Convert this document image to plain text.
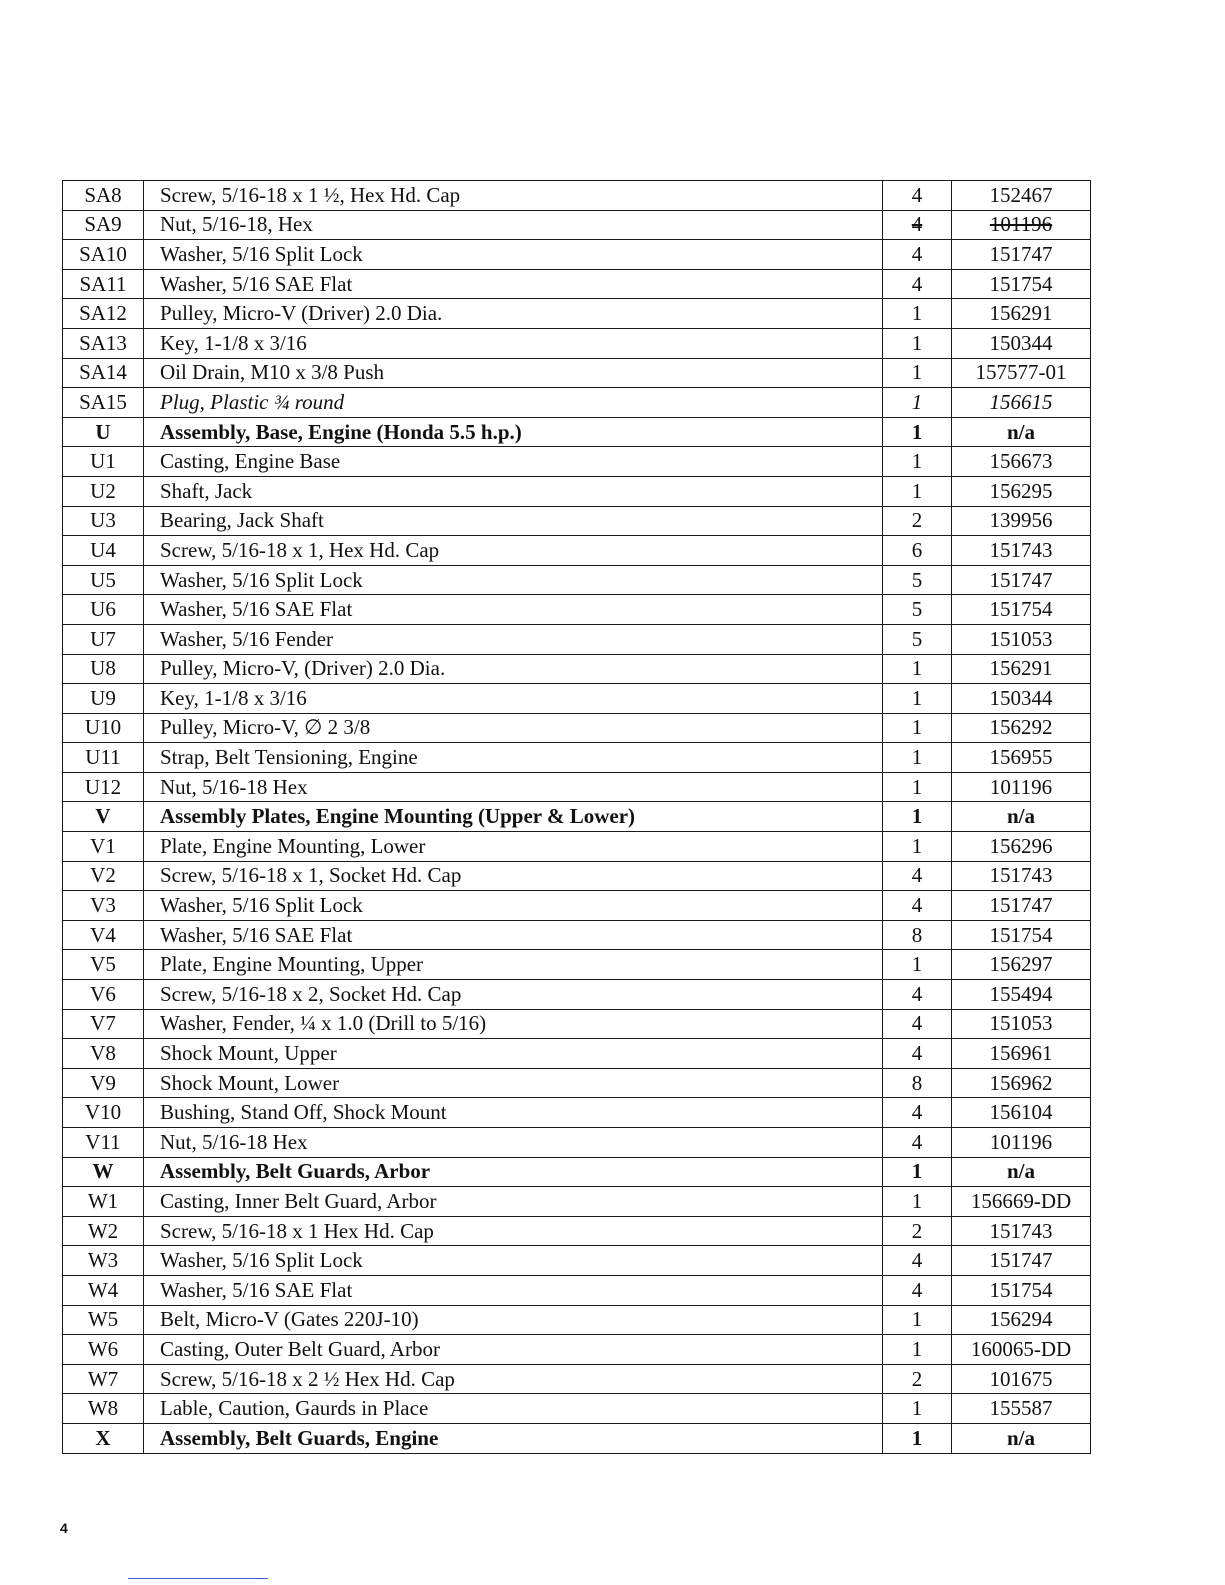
SA8	Screw, 5/16-18 x 1 ½, Hex Hd. Cap	4	152467
SA9	Nut, 5/16-18, Hex	4	101196
SA10	Washer, 5/16 Split Lock	4	151747
SA11	Washer, 5/16 SAE Flat	4	151754
SA12	Pulley, Micro-V (Driver) 2.0 Dia.	1	156291
SA13	Key, 1-1/8 x 3/16	1	150344
SA14	Oil Drain, M10 x 3/8 Push	1	157577-01
SA15	Plug, Plastic ¾ round	1	156615
U	Assembly, Base, Engine (Honda 5.5 h.p.)	1	n/a
U1	Casting, Engine Base	1	156673
U2	Shaft, Jack	1	156295
U3	Bearing, Jack Shaft	2	139956
U4	Screw, 5/16-18 x 1, Hex Hd. Cap	6	151743
U5	Washer, 5/16 Split Lock	5	151747
U6	Washer, 5/16 SAE Flat	5	151754
U7	Washer, 5/16 Fender	5	151053
U8	Pulley, Micro-V, (Driver) 2.0 Dia.	1	156291
U9	Key, 1-1/8 x 3/16	1	150344
U10	Pulley, Micro-V, ∅ 2 3/8	1	156292
U11	Strap, Belt Tensioning, Engine	1	156955
U12	Nut, 5/16-18 Hex	1	101196
V	Assembly Plates, Engine Mounting (Upper & Lower)	1	n/a
V1	Plate, Engine Mounting, Lower	1	156296
V2	Screw, 5/16-18 x 1, Socket Hd. Cap	4	151743
V3	Washer, 5/16 Split Lock	4	151747
V4	Washer, 5/16 SAE Flat	8	151754
V5	Plate, Engine Mounting, Upper	1	156297
V6	Screw, 5/16-18 x 2, Socket Hd. Cap	4	155494
V7	Washer, Fender, ¼ x 1.0 (Drill to 5/16)	4	151053
V8	Shock Mount, Upper	4	156961
V9	Shock Mount, Lower	8	156962
V10	Bushing, Stand Off, Shock Mount	4	156104
V11	Nut, 5/16-18 Hex	4	101196
W	Assembly, Belt Guards, Arbor	1	n/a
W1	Casting, Inner Belt Guard, Arbor	1	156669-DD
W2	Screw, 5/16-18 x 1 Hex Hd. Cap	2	151743
W3	Washer, 5/16 Split Lock	4	151747
W4	Washer, 5/16 SAE Flat	4	151754
W5	Belt, Micro-V (Gates 220J-10)	1	156294
W6	Casting, Outer Belt Guard, Arbor	1	160065-DD
W7	Screw, 5/16-18 x 2 ½ Hex Hd. Cap	2	101675
W8	Lable, Caution, Gaurds in Place	1	155587
X	Assembly, Belt Guards, Engine	1	n/a
4
